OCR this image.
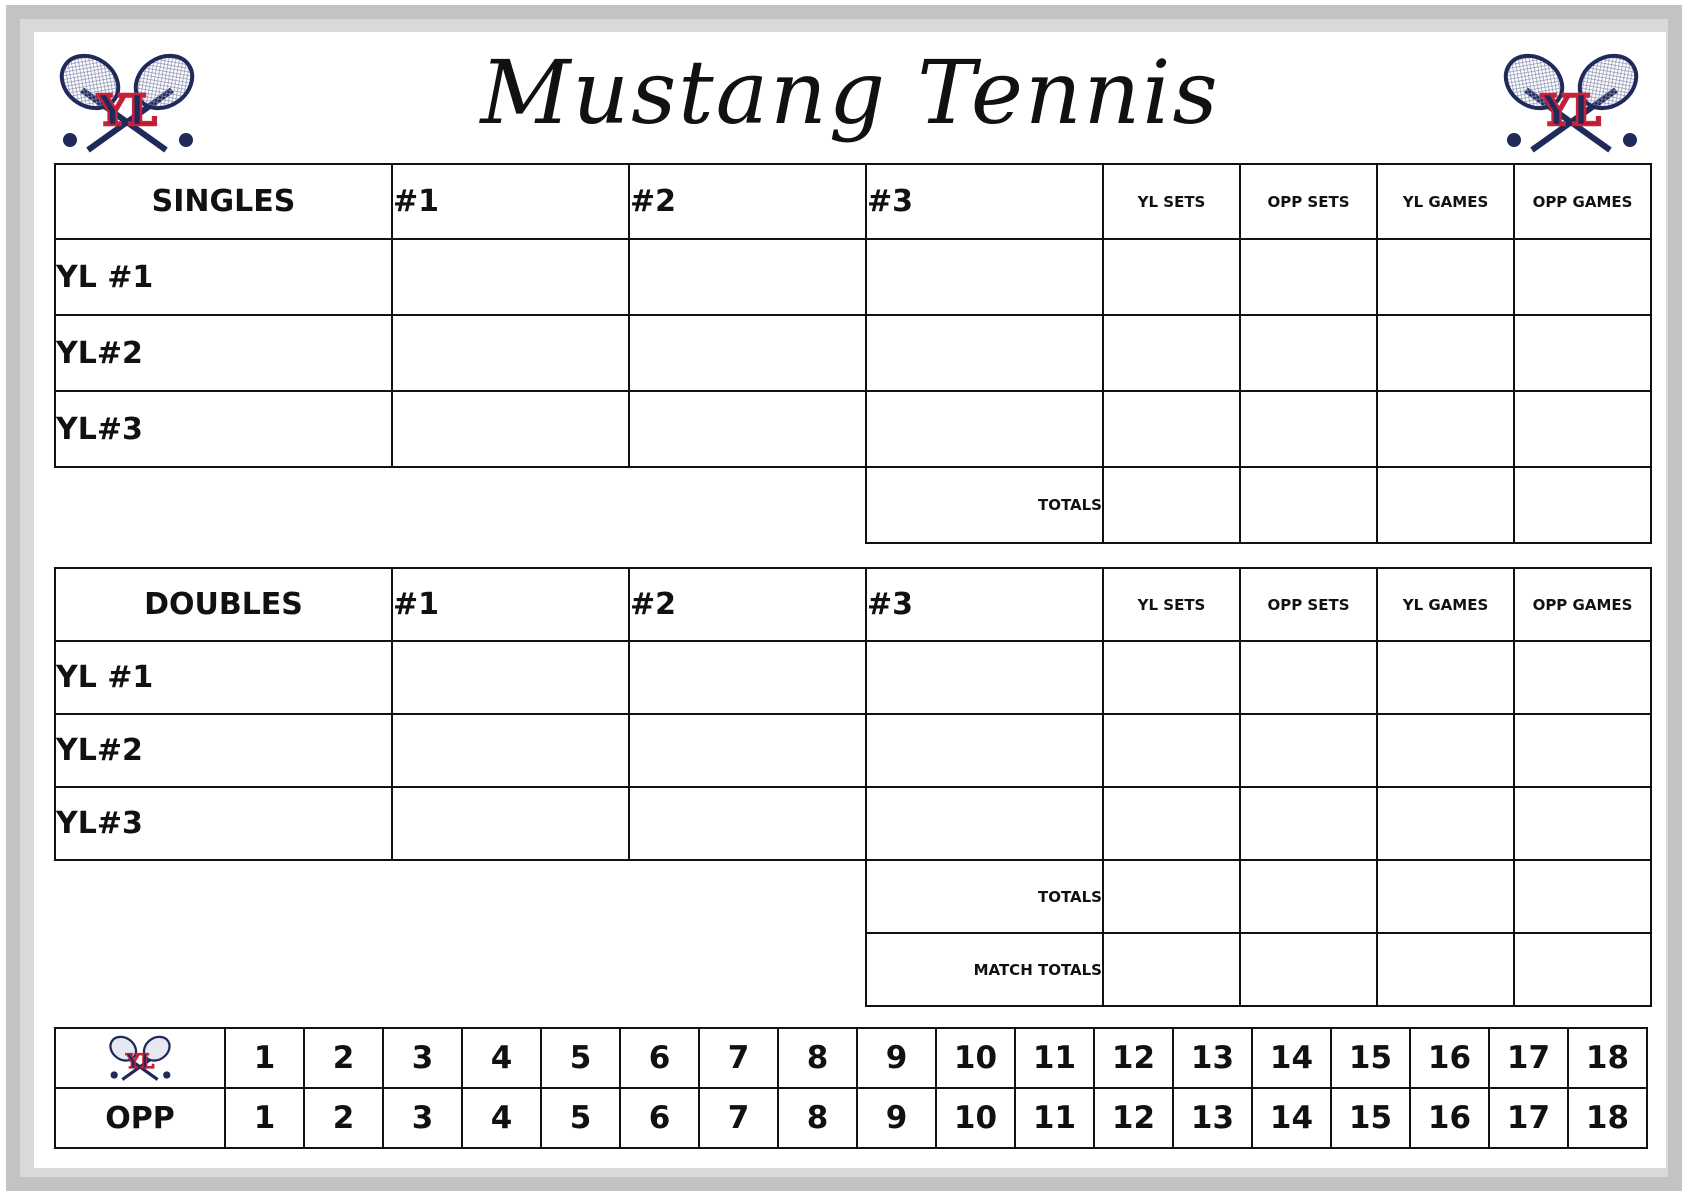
Mustang Tennis
YL	YL
SINGLES	#1	#2	#3	YL SETS	OPP SETS	YL GAMES	OPP GAMES
YL #1							
YL#2							
YL#3							
			TOTALS				
DOUBLES	#1	#2	#3	YL SETS	OPP SETS	YL GAMES	OPP GAMES
YL #1							
YL#2							
YL#3							
			TOTALS				
			MATCH TOTALS				
YL	1	2	3	4	5	6	7	8	9	10	11	12	13	14	15	16	17	18
OPP	1	2	3	4	5	6	7	8	9	10	11	12	13	14	15	16	17	18
